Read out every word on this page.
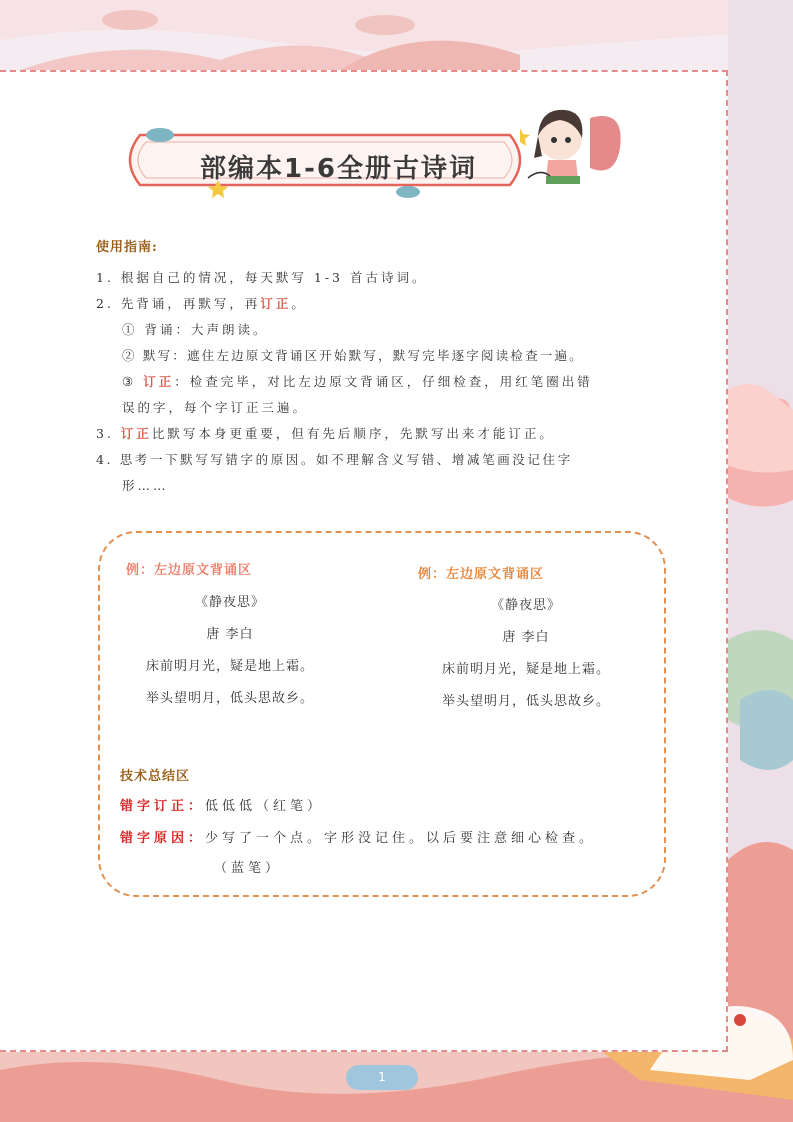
部编本1-6全册古诗词
使用指南:
1. 根据自己的情况，每天默写 1-3 首古诗词。
2. 先背诵，再默写，再订正。
① 背诵：大声朗读。
② 默写：遮住左边原文背诵区开始默写，默写完毕逐字阅读检查一遍。
③ 订正：检查完毕，对比左边原文背诵区，仔细检查，用红笔圈出错
误的字，每个字订正三遍。
3. 订正比默写本身更重要，但有先后顺序，先默写出来才能订正。
4. 思考一下默写写错字的原因。如不理解含义写错、增减笔画没记住字
形……
例：左边原文背诵区	例：左边原文背诵区
《静夜思》
唐 李白
床前明月光，疑是地上霜。
举头望明月，低头思故乡。
《静夜思》
唐 李白
床前明月光，疑是地上霜。
举头望明月，低头思故乡。
技术总结区
错字订正：低低低（红笔）
错字原因：少写了一个点。字形没记住。以后要注意细心检查。
（蓝笔）
1
